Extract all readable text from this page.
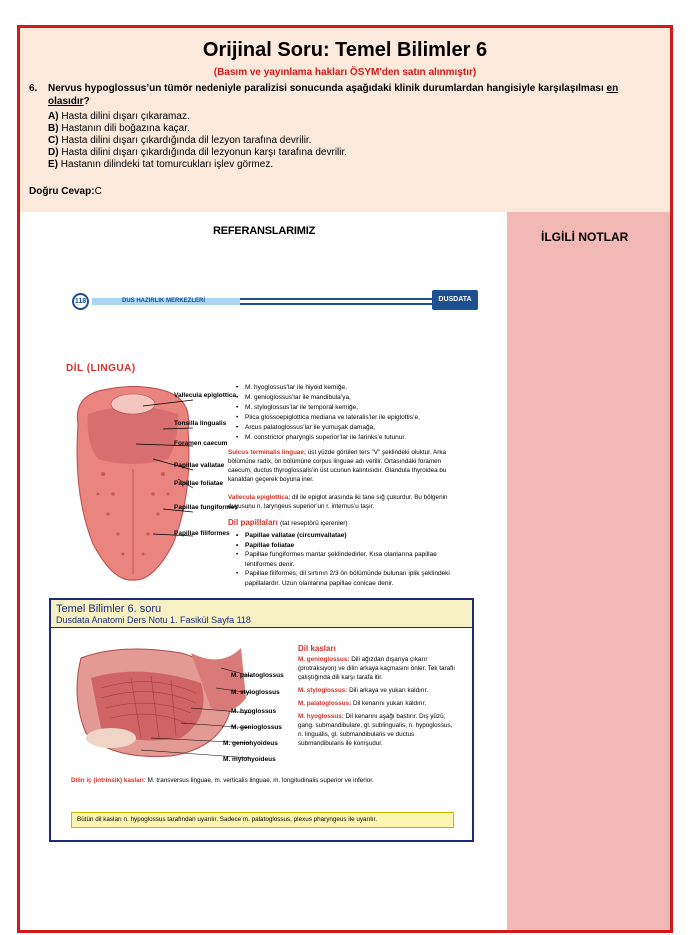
Orijinal Soru: Temel Bilimler 6
(Basım ve yayınlama hakları ÖSYM'den satın alınmıştır)
6. Nervus hypoglossus’un tümör nedeniyle paralizisi sonucunda aşağıdaki klinik durumlardan hangisiyle karşılaşılması en
olasıdır?
A) Hasta dilini dışarı çıkaramaz.
B) Hastanın dili boğazına kaçar.
C) Hasta dilini dışarı çıkardığında dil lezyon tarafına devrilir.
D) Hasta dilini dışarı çıkardığında dil lezyonun karşı tarafına devrilir.
E) Hastanın dilindeki tat tomurcukları işlev görmez.
Doğru Cevap:C
REFERANSLARIMIZ	İLGİLİ NOTLAR
118	DUS HAZIRLIK MERKEZLERİ	DUSDATA
DİL (LINGUA)
Vallecula epiglottica
Tonsilla lingualis
Foramen caecum
Papillae vallatae
Papillae foliatae
Papillae fungiformes
Papillae filiformes
• M. hyoglossus’lar ile hiyoid kemiğe,
• M. genioglossus’lar ile mandibula’ya,
• M. styloglossus’lar ile temporal kemiğe,
• Plica glossoepiglottica mediana ve lateralis’ler ile epiglottis’e,
• Arcus palatoglossus’lar ile yumuşak damağa,
• M. constrictor pharyngis superior’lar ile farinks’e tutunur.
Sulcus terminalis linguae; üst yüzde görülen ters "V" şeklindeki oluktur. Arka bölümüne radix, ön bölümüne corpus linguae adı verilir. Ortasındaki foramen caecum, ductus thyroglossalis’in üst ucunun kalıntısıdır. Glandula thyroidea bu kanaldan geçerek boyuna iner.
Vallecula epiglottica; dil ile epiglot arasında iki tane sığ çukurdur. Bu bölgenin duyusunu n. laryngeus superior’un r. internus’u taşır.
Dil papillaları (tat reseptörü içerenler)
• Papillae vallatae (circumvallatae)
• Papillae foliatae
• Papillae fungiformes mantar şeklindedirler. Kısa olanlarına papillae lentiformes denir.
• Papillae filiformes; dil sırtının 2/3 ön bölümünde bulunan iplik şeklindeki papillalardır. Uzun olanlarına papillae conicae denir.
Temel Bilimler 6. soru
Dusdata Anatomi Ders Notu 1. Fasikül Sayfa 118
M. palatoglossus
M. styloglossus
M. hyoglossus
M. genioglossus
M. geniohyoideus
M. mylohyoideus
Dil kasları

M. genioglossus: Dili ağızdan dışarıya çıkarır (protraksiyon) ve dilin arkaya kaçmasını önler. Tek taraflı çalıştığında dili karşı tarafa itir.

M. styloglossus: Dili arkaya ve yukarı kaldırır.

M. palatoglossus: Dil kenarını yukarı kaldırır.

M. hyoglossus: Dil kenarını aşağı bastırır. Dış yüzü; gang. submandibulare, gl. sublingualis, n. hypoglossus, n. lingualis, gl. submandibularis ve ductus submandibularis ile komşudur.

Dilin iç (intrinsik) kasları: M. transversus linguae, m. verticalis linguae, m. longitudinalis superior ve inferior.
Bütün dil kasları n. hypoglossus tarafından uyarılır. Sadece m. palatoglossus, plexus pharyngeus ile uyarılır.
